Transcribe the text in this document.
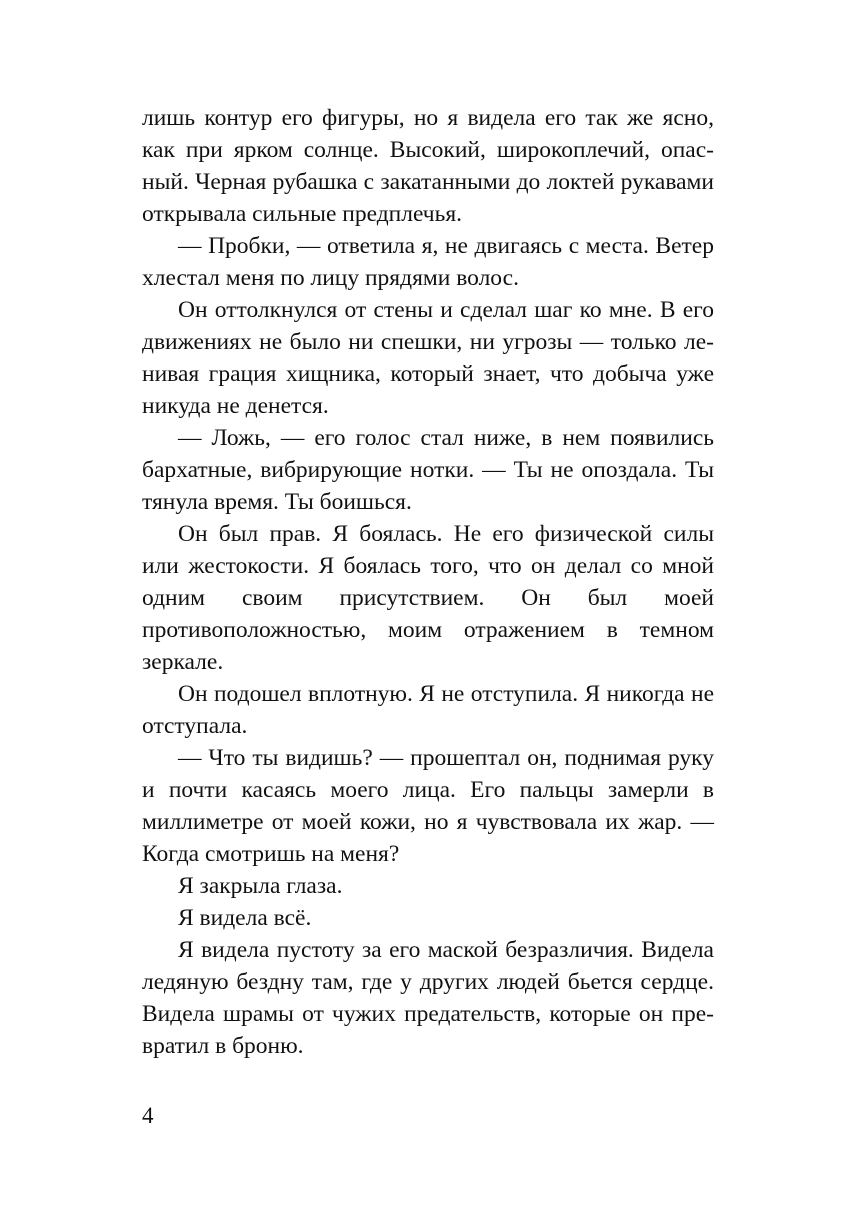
лишь контур его фигуры, но я видела его так же ясно, как при ярком солнце. Высокий, широкоплечий, опасный. Черная рубашка с закатанными до локтей рукавами открывала сильные предплечья.

— Пробки, — ответила я, не двигаясь с места. Ветер хлестал меня по лицу прядями волос.

Он оттолкнулся от стены и сделал шаг ко мне. В его движениях не было ни спешки, ни угрозы — только ленивая грация хищника, который знает, что добыча уже никуда не денется.

— Ложь, — его голос стал ниже, в нем появились бархатные, вибрирующие нотки. — Ты не опоздала. Ты тянула время. Ты боишься.

Он был прав. Я боялась. Не его физической силы или жестокости. Я боялась того, что он делал со мной одним своим присутствием. Он был моей противоположностью, моим отражением в темном зеркале.

Он подошел вплотную. Я не отступила. Я никогда не отступала.

— Что ты видишь? — прошептал он, поднимая руку и почти касаясь моего лица. Его пальцы замерли в миллиметре от моей кожи, но я чувствовала их жар. — Когда смотришь на меня?

Я закрыла глаза.

Я видела всё.

Я видела пустоту за его маской безразличия. Видела ледяную бездну там, где у других людей бьется сердце. Видела шрамы от чужих предательств, которые он превратил в броню.

4
